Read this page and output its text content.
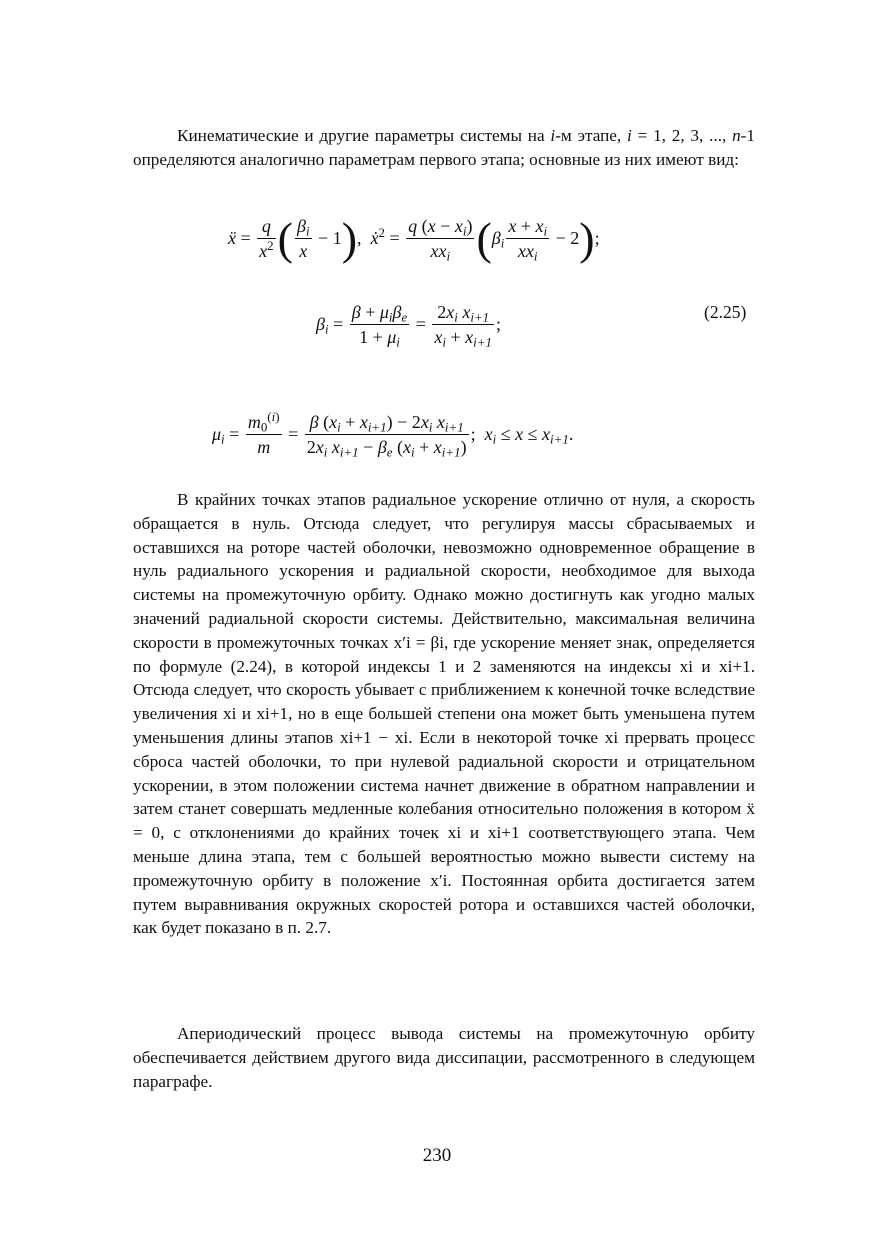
Кинематические и другие параметры системы на i-м этапе, i = 1, 2, 3, ..., n-1 определяются аналогично параметрам первого этапа; основные из них имеют вид:

ẍ = $\frac{q}{x^2}$ ( $\frac{\beta_i}{x} - 1$ ) ,  ẋ$^2$ = $\frac{q (x - x_i)}{xx_i}$ ( $\beta_i \frac{x + x_i}{xx_i} - 2$ ) ;
$\beta_i = \frac{\beta + \mu_i\beta_e}{1 + \mu_i} = \frac{2x_i x_{i+1}}{x_i + x_{i+1}}$ ;
(2.25)
$\mu_i = \frac{m_0^{(i)}}{m} = \frac{\beta (x_i + x_{i+1}) - 2x_i x_{i+1}}{2x_i x_{i+1} - \beta_e (x_i + x_{i+1})}$ ;  $x_i \le x \le x_{i+1}$.

В крайних точках этапов радиальное ускорение отлично от нуля, а скорость обращается в нуль. Отсюда следует, что регулируя массы сбрасываемых и оставшихся на роторе частей оболочки, невозможно одновременное обращение в нуль радиального ускорения и радиальной скорости, необходимое для выхода системы на промежуточную орбиту. Однако можно достигнуть как угодно малых значений радиальной скорости системы. Действительно, максимальная величина скорости в промежуточных точках x′i = βi, где ускорение меняет знак, определяется по формуле (2.24), в которой индексы 1 и 2 заменяются на индексы xi и xi+1. Отсюда следует, что скорость убывает с приближением к конечной точке вследствие увеличения xi и xi+1, но в еще большей степени она может быть уменьшена путем уменьшения длины этапов xi+1 − xi. Если в некоторой точке xi прервать процесс сброса частей оболочки, то при нулевой радиальной скорости и отрицательном ускорении, в этом положении система начнет движение в обратном направлении и затем станет совершать медленные колебания относительно положения в котором ẍ = 0, с отклонениями до крайних точек xi и xi+1 соответствующего этапа. Чем меньше длина этапа, тем с большей вероятностью можно вывести систему на промежуточную орбиту в положение x′i. Постоянная орбита достигается затем путем выравнивания окружных скоростей ротора и оставшихся частей оболочки, как будет показано в п. 2.7.

Апериодический процесс вывода системы на промежуточную орбиту обеспечивается действием другого вида диссипации, рассмотренного в следующем параграфе.

230
